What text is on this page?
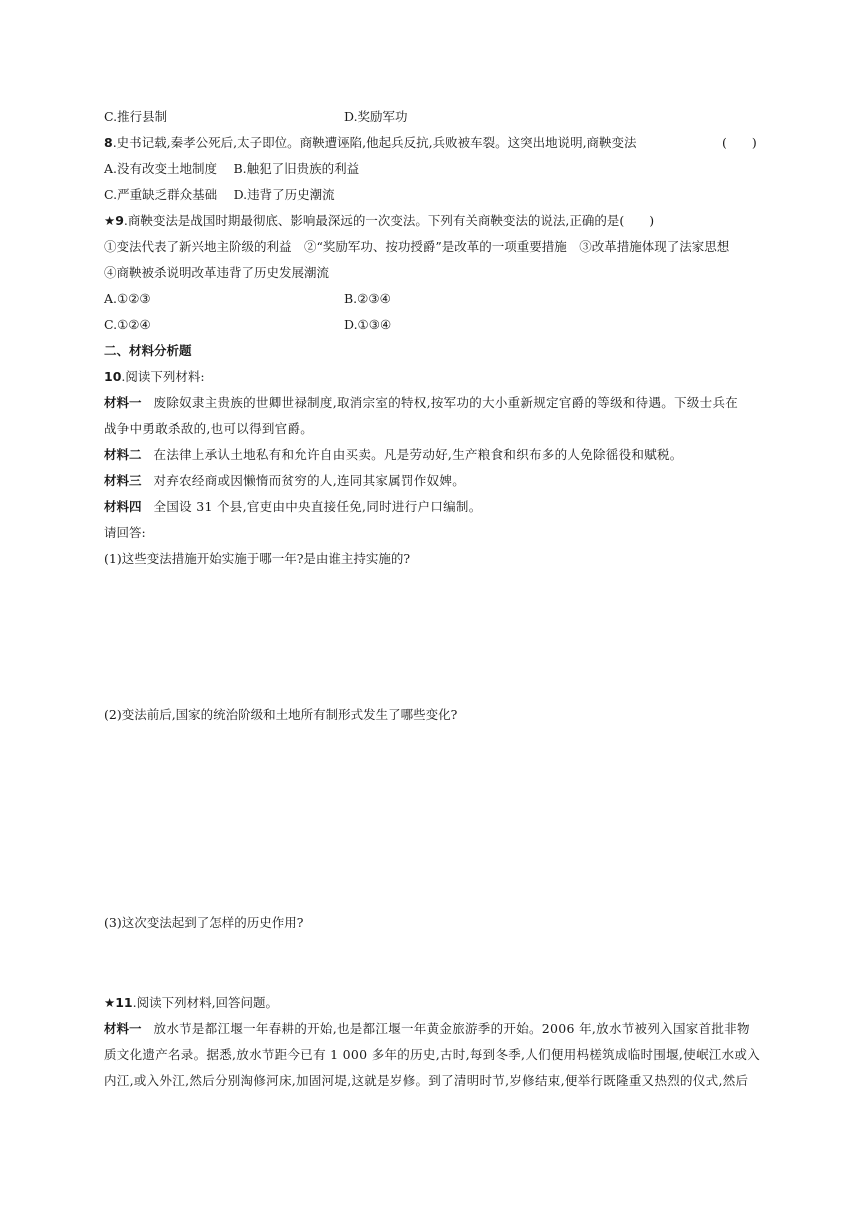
C.推行县制	D.奖励军功
8.史书记载,秦孝公死后,太子即位。商鞅遭诬陷,他起兵反抗,兵败被车裂。这突出地说明,商鞅变法	(　　)
A.没有改变土地制度　 B.触犯了旧贵族的利益
C.严重缺乏群众基础　 D.违背了历史潮流
★9.商鞅变法是战国时期最彻底、影响最深远的一次变法。下列有关商鞅变法的说法,正确的是(　　)
①变法代表了新兴地主阶级的利益　②“奖励军功、按功授爵”是改革的一项重要措施　③改革措施体现了法家思想
④商鞅被杀说明改革违背了历史发展潮流
A.①②③	B.②③④
C.①②④	D.①③④
二、材料分析题
10.阅读下列材料:
材料一 废除奴隶主贵族的世卿世禄制度,取消宗室的特权,按军功的大小重新规定官爵的等级和待遇。下级士兵在
战争中勇敢杀敌的,也可以得到官爵。
材料二 在法律上承认土地私有和允许自由买卖。凡是劳动好,生产粮食和织布多的人免除徭役和赋税。
材料三 对弃农经商或因懒惰而贫穷的人,连同其家属罚作奴婢。
材料四 全国设 31 个县,官吏由中央直接任免,同时进行户口编制。
请回答:
(1)这些变法措施开始实施于哪一年?是由谁主持实施的?
(2)变法前后,国家的统治阶级和土地所有制形式发生了哪些变化?
(3)这次变法起到了怎样的历史作用?
★11.阅读下列材料,回答问题。
材料一 放水节是都江堰一年春耕的开始,也是都江堰一年黄金旅游季的开始。2006 年,放水节被列入国家首批非物
质文化遗产名录。据悉,放水节距今已有 1 000 多年的历史,古时,每到冬季,人们便用杩槎筑成临时围堰,使岷江水或入
内江,或入外江,然后分别淘修河床,加固河堤,这就是岁修。到了清明时节,岁修结束,便举行既隆重又热烈的仪式,然后
